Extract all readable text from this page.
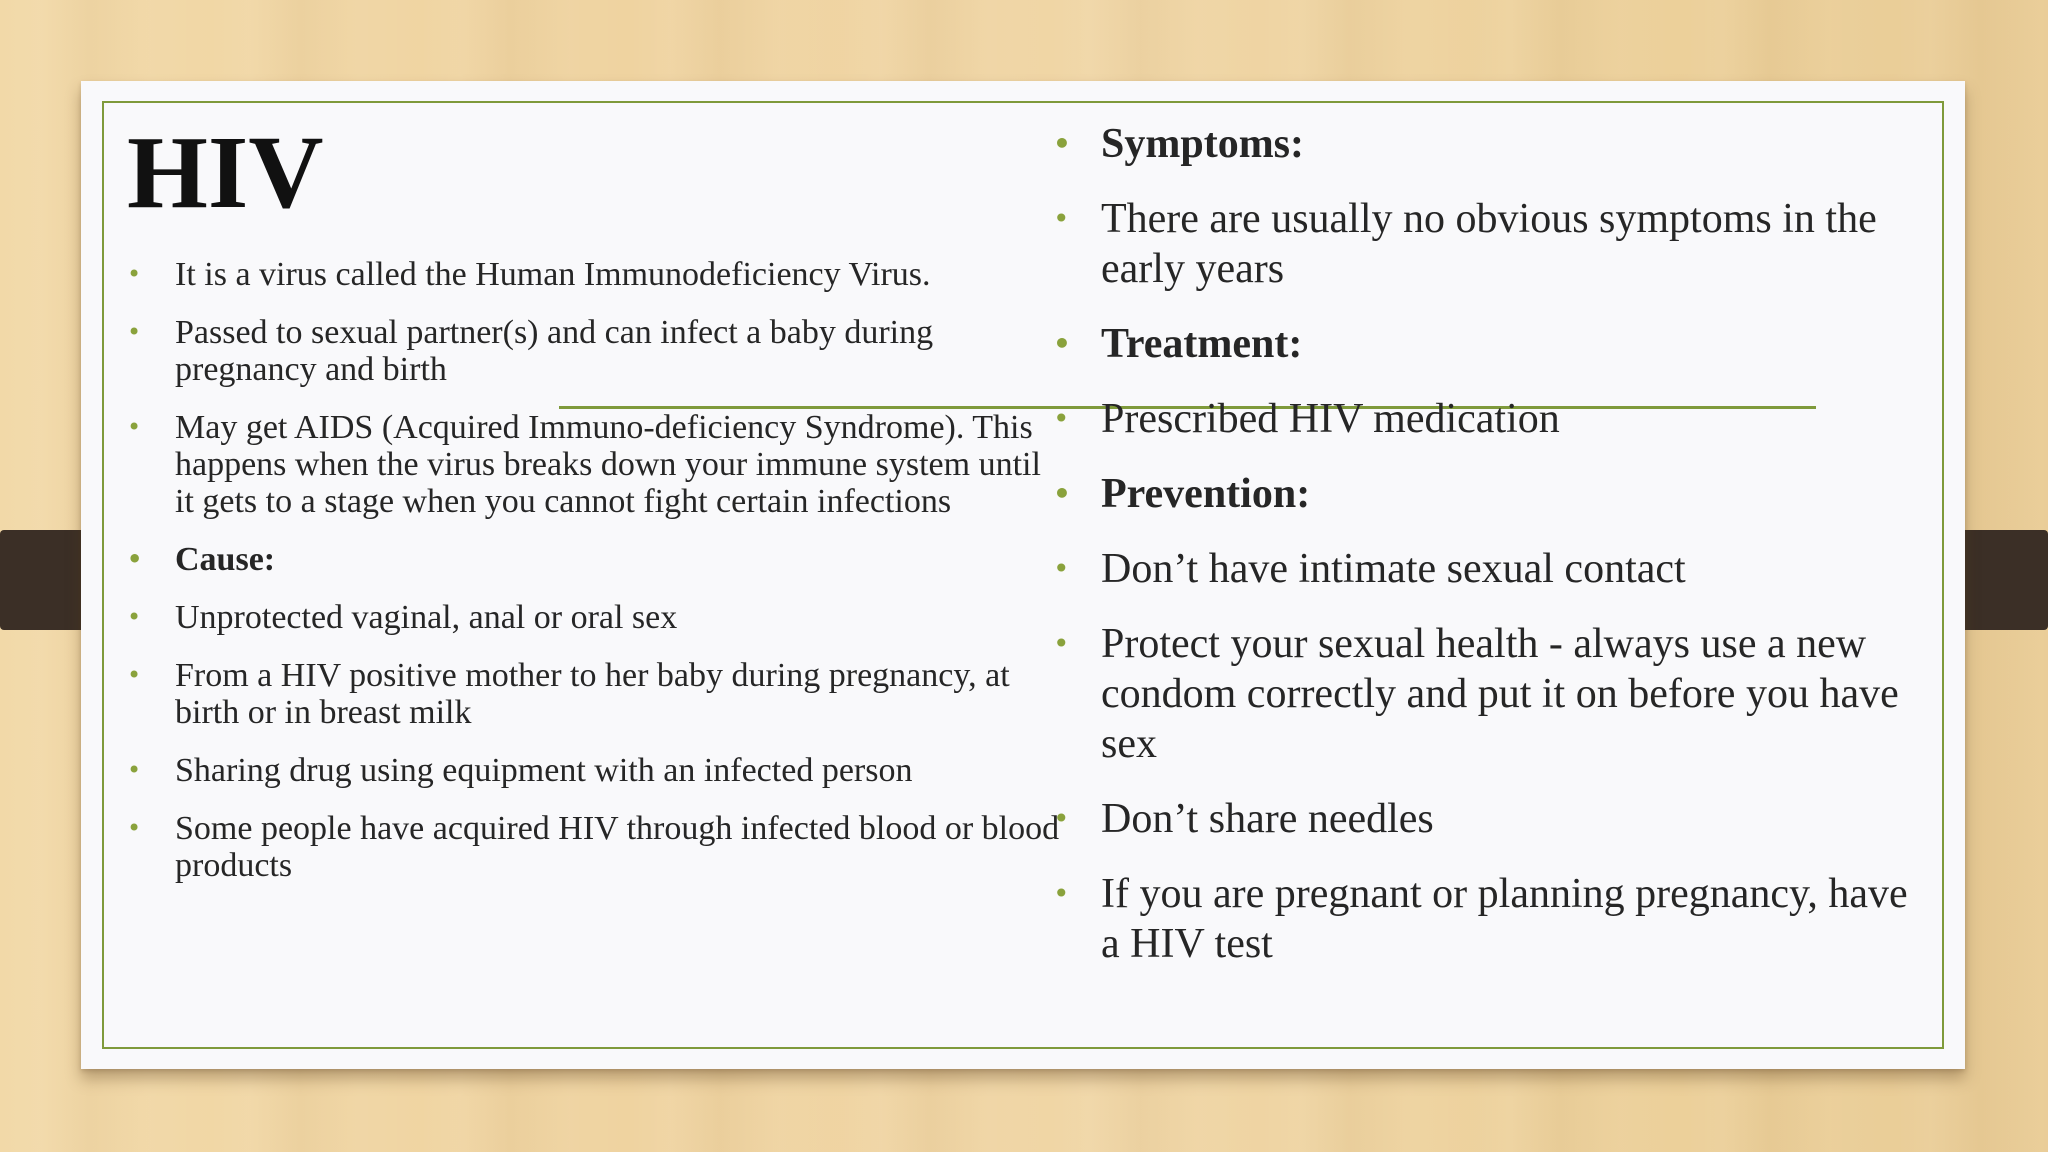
HIV
• It is a virus called the Human Immunodeficiency Virus.
• Passed to sexual partner(s) and can infect a baby during pregnancy and birth
• May get AIDS (Acquired Immuno-deficiency Syndrome). This happens when the virus breaks down your immune system until it gets to a stage when you cannot fight certain infections
• Cause:
• Unprotected vaginal, anal or oral sex
• From a HIV positive mother to her baby during pregnancy, at birth or in breast milk
• Sharing drug using equipment with an infected person
• Some people have acquired HIV through infected blood or blood products
• Symptoms:
• There are usually no obvious symptoms in the early years
• Treatment:
• Prescribed HIV medication
• Prevention:
• Don’t have intimate sexual contact
• Protect your sexual health - always use a new condom correctly and put it on before you have sex
• Don’t share needles
• If you are pregnant or planning pregnancy, have a HIV test
